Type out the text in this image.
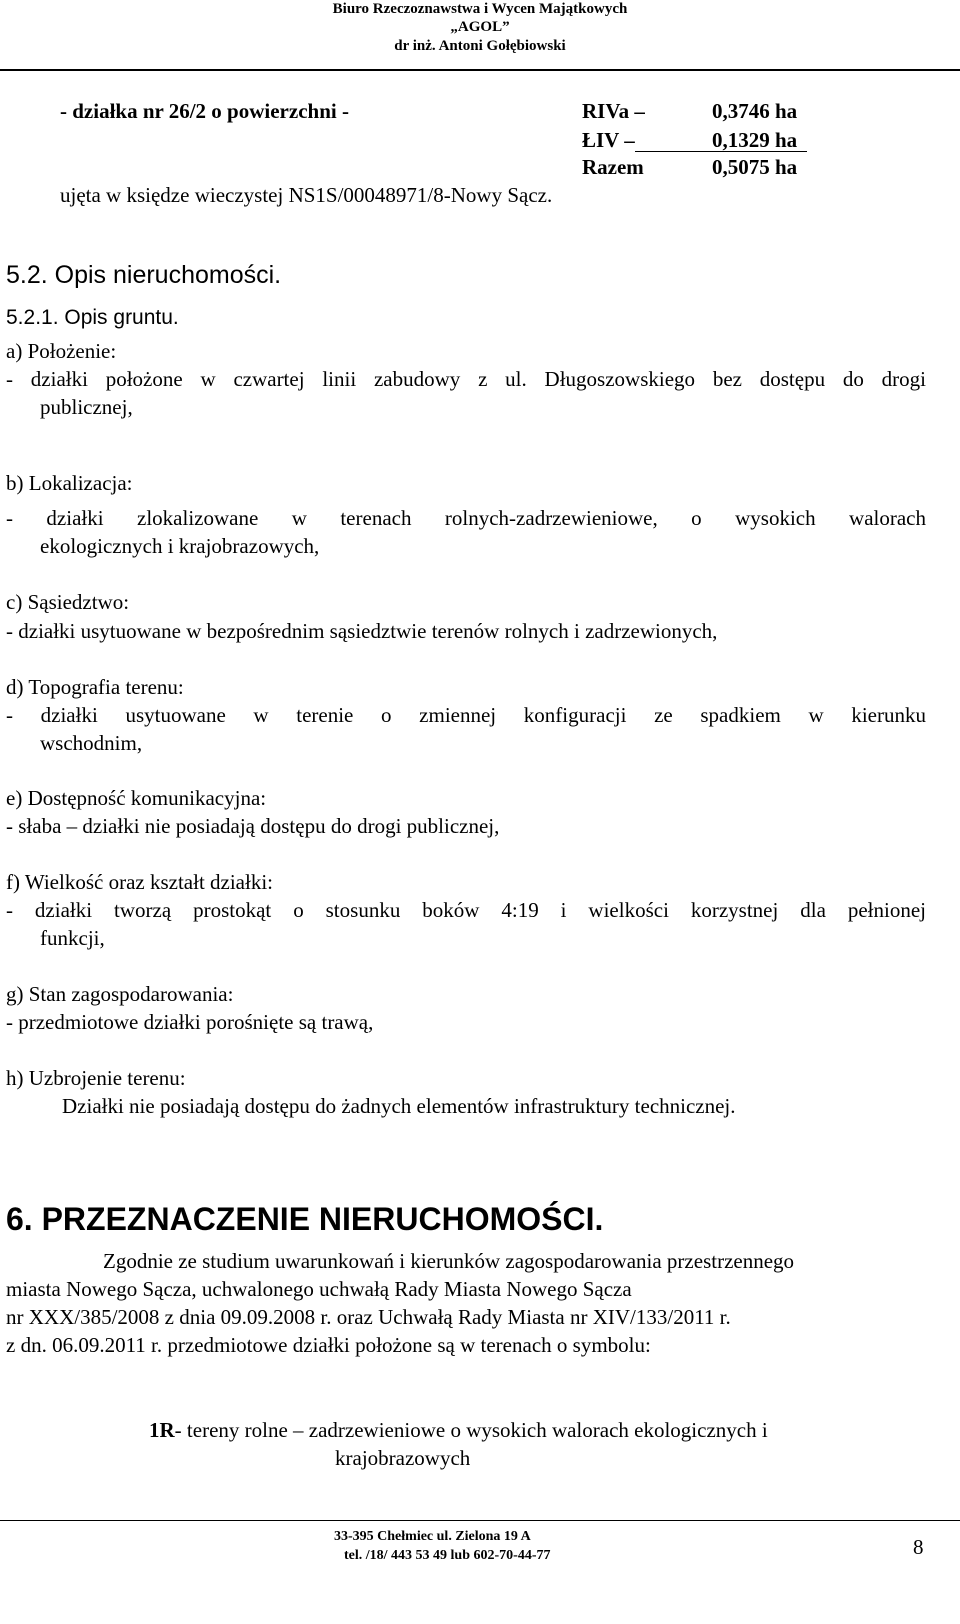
Biuro Rzeczoznawstwa i Wycen Majątkowych
„AGOL”
dr inż. Antoni Gołębiowski
- działka nr 26/2 o powierzchni -	RIVa –	0,3746 ha
ŁIV –	0,1329 ha
Razem	0,5075 ha
ujęta w księdze wieczystej NS1S/00048971/8-Nowy Sącz.
5.2. Opis nieruchomości.
5.2.1. Opis gruntu.
a) Położenie:
- działki położone w czwartej linii zabudowy z ul. Długoszowskiego bez dostępu do drogi
publicznej,
b) Lokalizacja:
- działki zlokalizowane w terenach rolnych-zadrzewieniowe, o wysokich walorach
ekologicznych i krajobrazowych,
c) Sąsiedztwo:
- działki usytuowane w bezpośrednim sąsiedztwie terenów rolnych i zadrzewionych,
d) Topografia terenu:
- działki usytuowane w terenie o zmiennej konfiguracji ze spadkiem w kierunku
wschodnim,
e) Dostępność komunikacyjna:
- słaba – działki nie posiadają dostępu do drogi publicznej,
f) Wielkość oraz kształt działki:
- działki tworzą prostokąt o stosunku boków 4:19 i wielkości korzystnej dla pełnionej
funkcji,
g) Stan zagospodarowania:
- przedmiotowe działki porośnięte są trawą,
h) Uzbrojenie terenu:
Działki nie posiadają dostępu do żadnych elementów infrastruktury technicznej.
6. PRZEZNACZENIE NIERUCHOMOŚCI.
Zgodnie ze studium uwarunkowań i kierunków zagospodarowania przestrzennego
miasta Nowego Sącza, uchwalonego uchwałą Rady Miasta Nowego Sącza
nr XXX/385/2008 z dnia 09.09.2008 r. oraz Uchwałą Rady Miasta nr XIV/133/2011 r.
z dn. 06.09.2011 r. przedmiotowe działki położone są w terenach o symbolu:
1R- tereny rolne – zadrzewieniowe o wysokich walorach ekologicznych i
krajobrazowych
33-395 Chełmiec ul. Zielona 19 A
tel. /18/ 443 53 49 lub 602-70-44-77	8
